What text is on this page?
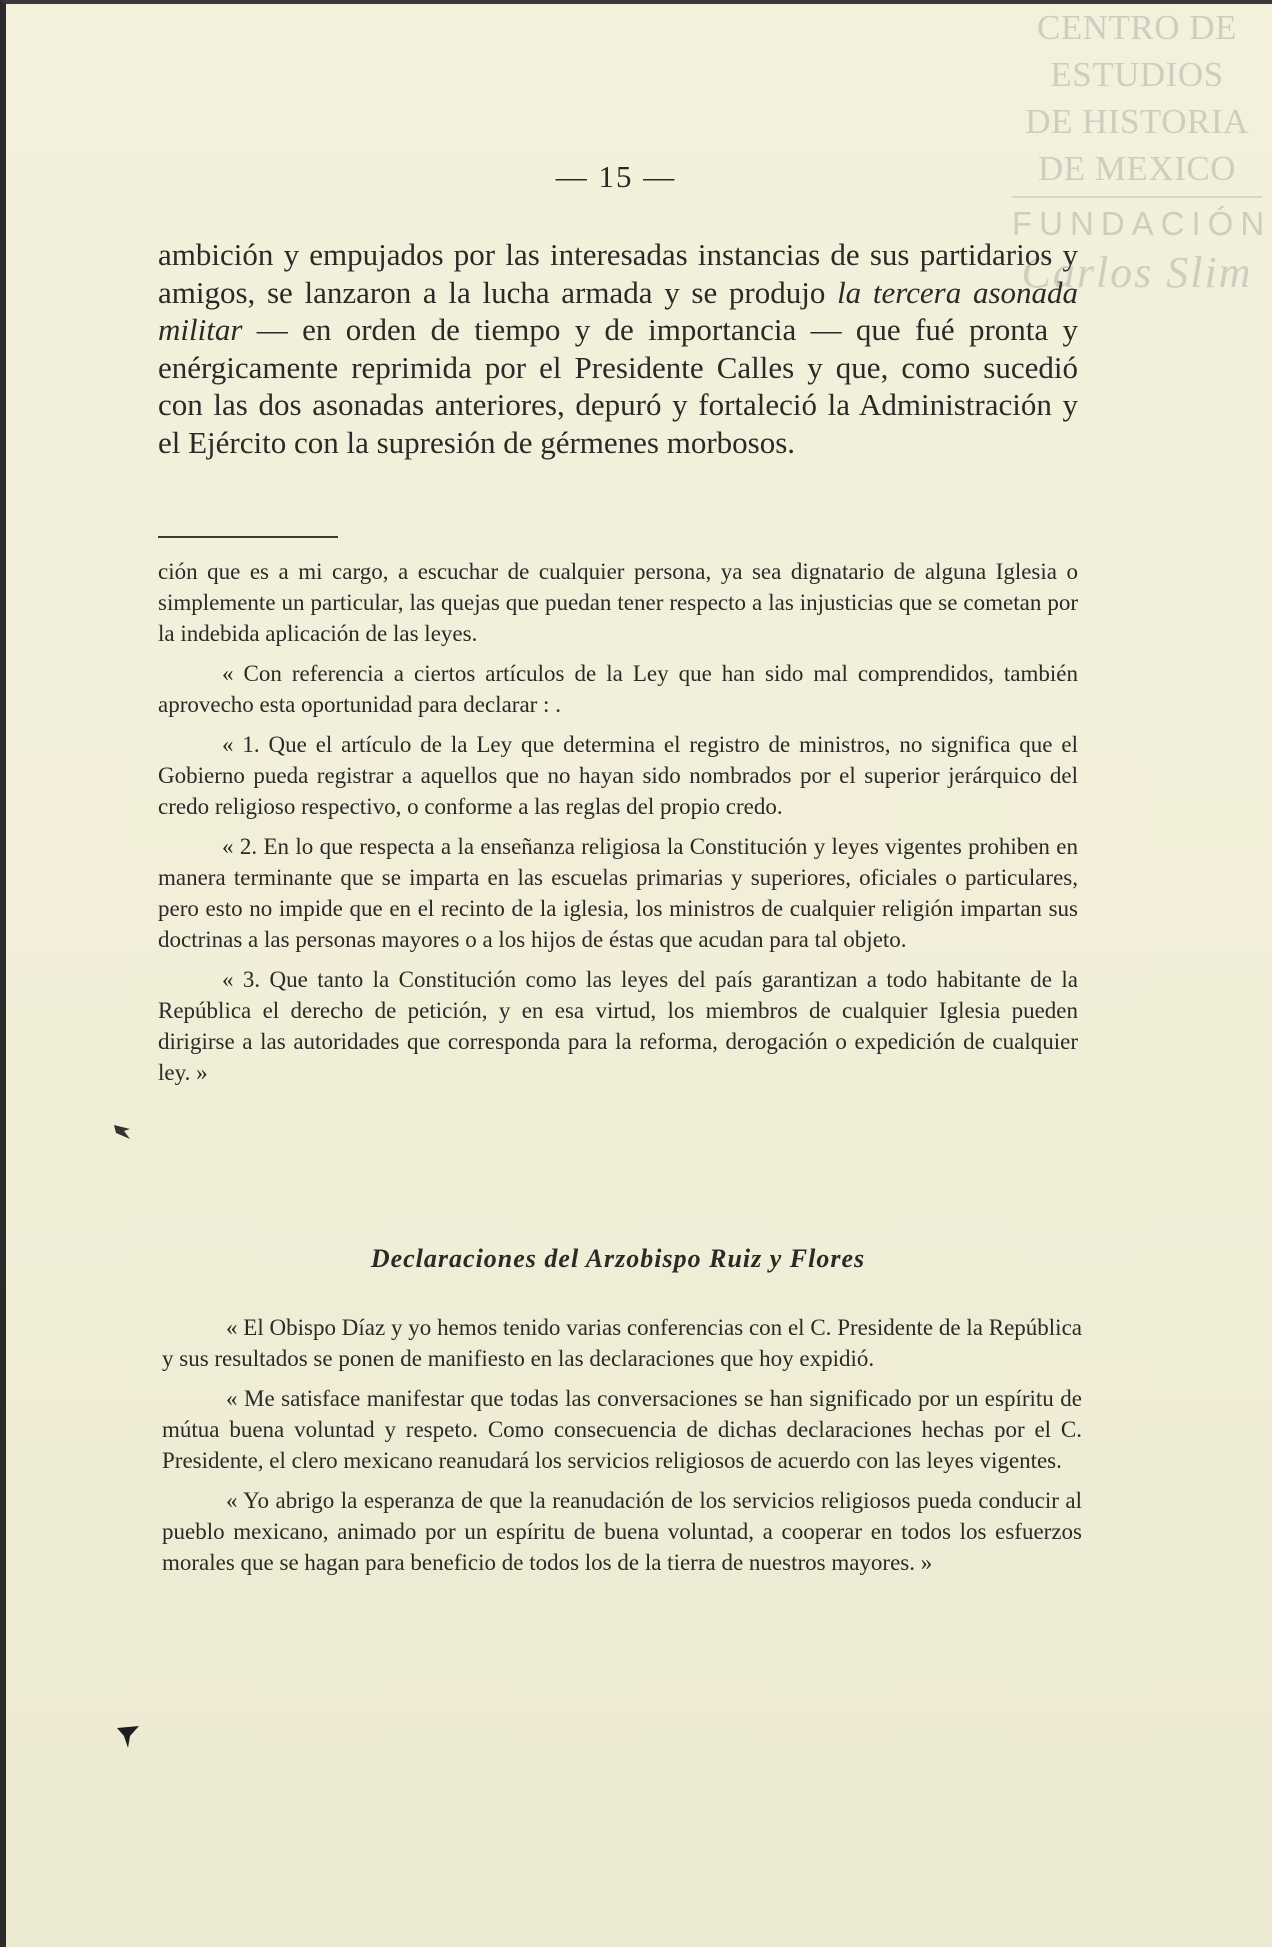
CENTRO DE
ESTUDIOS
DE HISTORIA
DE MEXICO
FUNDACIÓN
Carlos Slim
— 15 —

ambición y empujados por las interesadas instancias de sus partidarios y amigos, se lanzaron a la lucha armada y se produjo la tercera asonada militar — en orden de tiempo y de importancia — que fué pronta y enérgicamente reprimida por el Presidente Calles y que, como sucedió con las dos asonadas anteriores, depuró y fortaleció la Administración y el Ejército con la supresión de gérmenes morbosos.

ción que es a mi cargo, a escuchar de cualquier persona, ya sea dignatario de alguna Iglesia o simplemente un particular, las quejas que puedan tener respecto a las injusticias que se cometan por la indebida aplicación de las leyes.

« Con referencia a ciertos artículos de la Ley que han sido mal comprendidos, también aprovecho esta oportunidad para declarar : .

« 1. Que el artículo de la Ley que determina el registro de ministros, no significa que el Gobierno pueda registrar a aquellos que no hayan sido nombrados por el superior jerárquico del credo religioso respectivo, o conforme a las reglas del propio credo.

« 2. En lo que respecta a la enseñanza religiosa la Constitución y leyes vigentes prohiben en manera terminante que se imparta en las escuelas primarias y superiores, oficiales o particulares, pero esto no impide que en el recinto de la iglesia, los ministros de cualquier religión impartan sus doctrinas a las personas mayores o a los hijos de éstas que acudan para tal objeto.

« 3. Que tanto la Constitución como las leyes del país garantizan a todo habitante de la República el derecho de petición, y en esa virtud, los miembros de cualquier Iglesia pueden dirigirse a las autoridades que corresponda para la reforma, derogación o expedición de cualquier ley. »

Declaraciones del Arzobispo Ruiz y Flores

« El Obispo Díaz y yo hemos tenido varias conferencias con el C. Presidente de la República y sus resultados se ponen de manifiesto en las declaraciones que hoy expidió.

« Me satisface manifestar que todas las conversaciones se han significado por un espíritu de mútua buena voluntad y respeto. Como consecuencia de dichas declaraciones hechas por el C. Presidente, el clero mexicano reanudará los servicios religiosos de acuerdo con las leyes vigentes.

« Yo abrigo la esperanza de que la reanudación de los servicios religiosos pueda conducir al pueblo mexicano, animado por un espíritu de buena voluntad, a cooperar en todos los esfuerzos morales que se hagan para beneficio de todos los de la tierra de nuestros mayores. »
